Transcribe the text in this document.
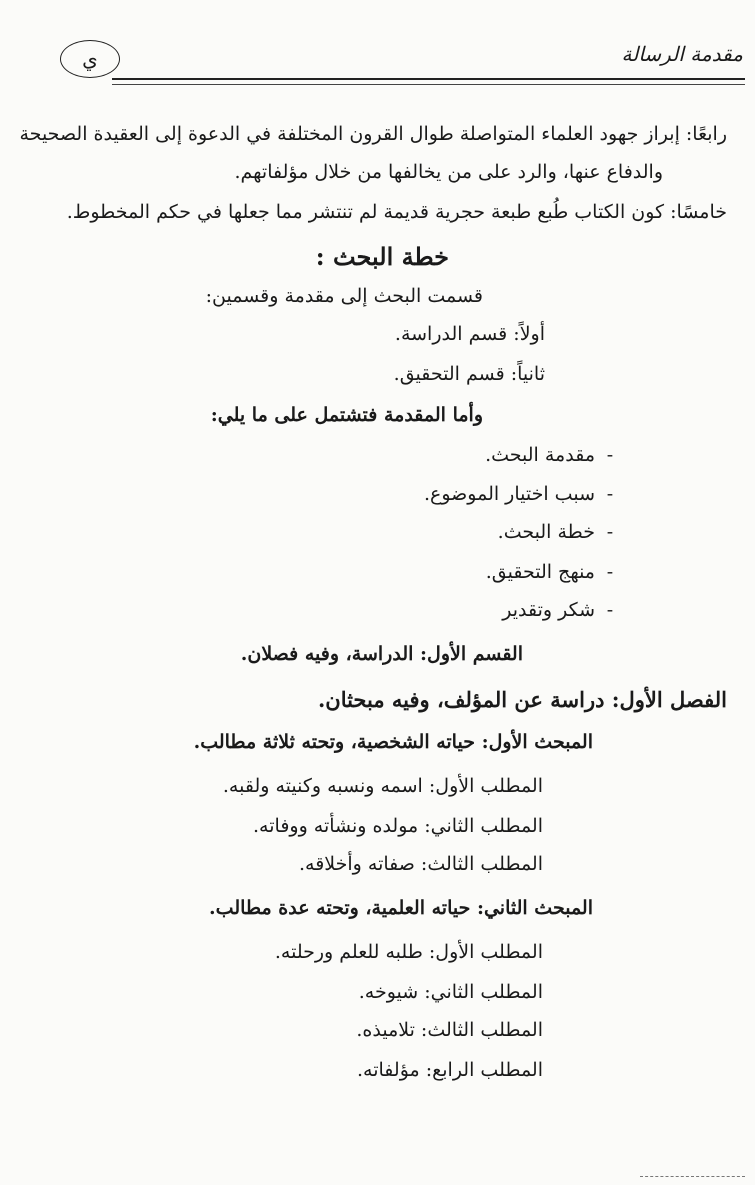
مقدمة الرسالة
ي
رابعًا: إبراز جهود العلماء المتواصلة طوال القرون المختلفة في الدعوة إلى العقيدة الصحيحة
والدفاع عنها، والرد على من يخالفها من خلال مؤلفاتهم.
خامسًا: كون الكتاب طُبع طبعة حجرية قديمة لم تنتشر مما جعلها في حكم المخطوط.
خطة البحث :
قسمت البحث إلى مقدمة وقسمين:
أولاً: قسم الدراسة.
ثانياً: قسم التحقيق.
وأما المقدمة فتشتمل على ما يلي:
-مقدمة البحث.
-سبب اختيار الموضوع.
-خطة البحث.
-منهج التحقيق.
-شكر وتقدير
القسم الأول: الدراسة، وفيه فصلان.
الفصل الأول: دراسة عن المؤلف، وفيه مبحثان.
المبحث الأول: حياته الشخصية، وتحته ثلاثة مطالب.
المطلب الأول: اسمه ونسبه وكنيته ولقبه.
المطلب الثاني: مولده ونشأته ووفاته.
المطلب الثالث: صفاته وأخلاقه.
المبحث الثاني: حياته العلمية، وتحته عدة مطالب.
المطلب الأول: طلبه للعلم ورحلته.
المطلب الثاني: شيوخه.
المطلب الثالث: تلاميذه.
المطلب الرابع: مؤلفاته.
